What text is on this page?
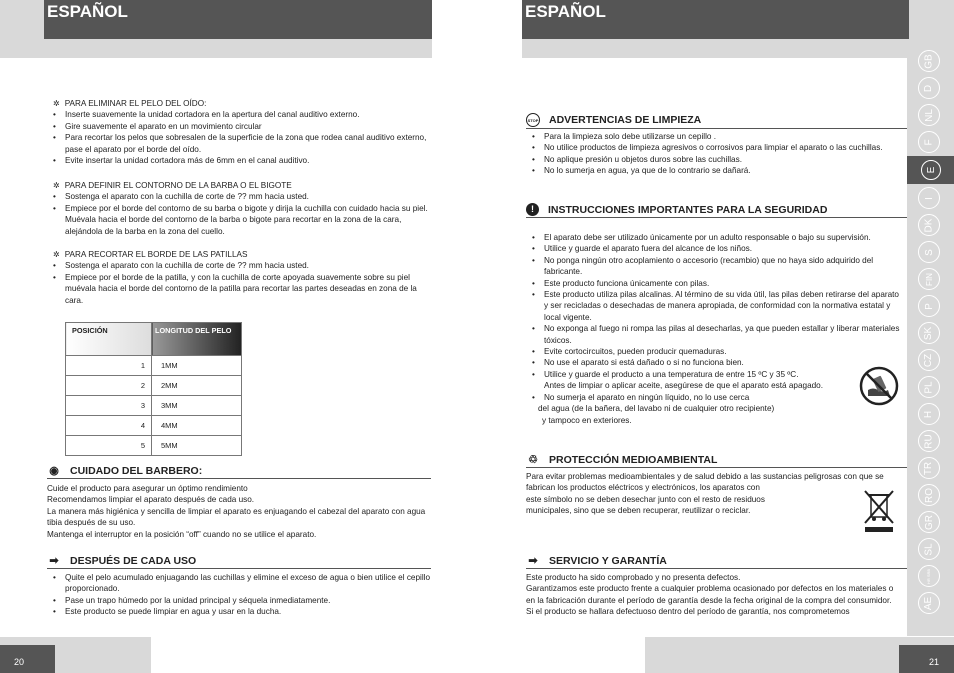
ESPAÑOL
✲ PARA ELIMINAR EL PELO DEL OÍDO:
• Inserte suavemente la unidad cortadora en la apertura del canal auditivo externo.
• Gire suavemente el aparato en un movimiento circular
• Para recortar los pelos que sobresalen de la superficie de la zona que rodea canal auditivo externo, pase el aparato por el borde del oído.
• Evite insertar la unidad cortadora más de 6mm en el canal auditivo.
✲ PARA DEFINIR EL CONTORNO DE LA BARBA O EL BIGOTE
• Sostenga el aparato con la cuchilla de corte de ?? mm hacia usted.
• Empiece por el borde del contorno de su barba o bigote y dirija la cuchilla con cuidado hacia su piel. Muévala hacia el borde del contorno de la barba o bigote para recortar en la zona de la cara, alejándola de la barba en la zona del cuello.
✲ PARA RECORTAR EL BORDE DE LAS PATILLAS
• Sostenga el aparato con la cuchilla de corte de ?? mm hacia usted.
• Empiece por el borde de la patilla, y con la cuchilla de corte apoyada suavemente sobre su piel muévala hacia el borde del contorno de la patilla para recortar las partes deseadas en zona de la cara.
POSICIÓN	LONGITUD DEL PELO
1	1MM
2	2MM
3	3MM
4	4MM
5	5MM
◉ CUIDADO DEL BARBERO:

Cuide el producto para asegurar un óptimo rendimiento

Recomendamos limpiar el aparato después de cada uso.

La manera más higiénica y sencilla de limpiar el aparato es enjuagando el cabezal del aparato con agua tibia después de su uso.

Mantenga el interruptor en la posición “off” cuando no se utilice el aparato.

➡ DESPUÉS DE CADA USO
• Quite el pelo acumulado enjuagando las cuchillas y elimine el exceso de agua o bien utilice el cepillo proporcionado.
• Pase un trapo húmedo por la unidad principal y séquela inmediatamente.
• Este producto se puede limpiar en agua y usar en la ducha.
20
ESPAÑOL
STOP ADVERTENCIAS DE LIMPIEZA
• Para la limpieza solo debe utilizarse un cepillo .
• No utilice productos de limpieza agresivos o corrosivos para limpiar el aparato o las cuchillas.
• No aplique presión u objetos duros sobre las cuchillas.
• No lo sumerja en agua, ya que de lo contrario se dañará.
!	INSTRUCCIONES IMPORTANTES PARA LA SEGURIDAD
• El aparato debe ser utilizado únicamente por un adulto responsable o bajo su supervisión.
• Utilice y guarde el aparato fuera del alcance de los niños.
• No ponga ningún otro acoplamiento o accesorio (recambio) que no haya sido adquirido del fabricante.
• Este producto funciona únicamente con pilas.
• Este producto utiliza pilas alcalinas. Al término de su vida útil, las pilas deben retirarse del aparato y ser recicladas o desechadas de manera apropiada, de conformidad con la normativa estatal y local vigente.
• No exponga al fuego ni rompa las pilas al desecharlas, ya que pueden estallar y liberar materiales tóxicos.
• Evite cortocircuitos, pueden producir quemaduras.
• No use el aparato si está dañado o si no funciona bien.
• Utilice y guarde el producto a una temperatura de entre 15 ºC y 35 ºC.
Antes de limpiar o aplicar aceite, asegúrese de que el aparato está apagado.
• No sumerja el aparato en ningún líquido, no lo use cerca

del agua (de la bañera, del lavabo ni de cualquier otro recipiente)

y tampoco en exteriores.

♲ PROTECCIÓN MEDIOAMBIENTAL

Para evitar problemas medioambientales y de salud debido a las sustancias peligrosas con que se fabrican los productos eléctricos y electrónicos, los aparatos con

este símbolo no se deben desechar junto con el resto de residuos

municipales, sino que se deben recuperar, reutilizar o reciclar.

➡ SERVICIO Y GARANTÍA

Este producto ha sido comprobado y no presenta defectos.

Garantizamos este producto frente a cualquier problema ocasionado por defectos en los materiales o en la fabricación durante el período de garantía desde la fecha original de la compra del consumidor.

Si el producto se hallara defectuoso dentro del período de garantía, nos comprometemos

21
GB
D
NL
F
E
I
DK
S
FIN
P
SK
CZ
PL
H
RU
TR
RO
GR
SL
HR SRB
AE
